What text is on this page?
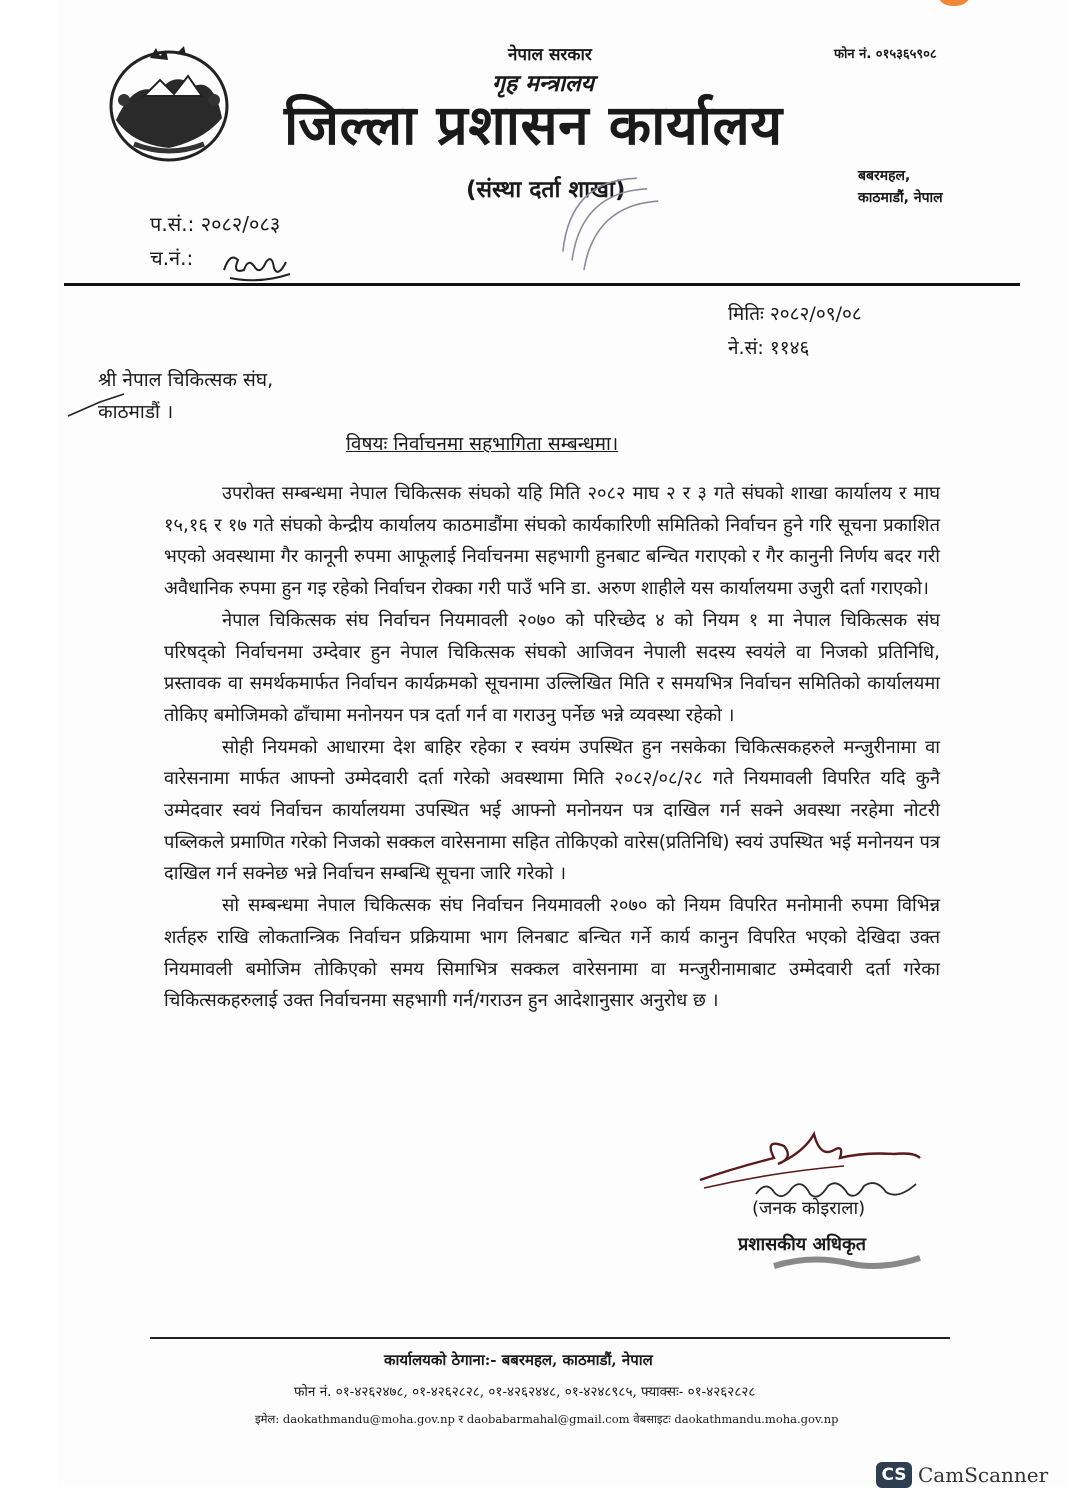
नेपाल सरकार	फोन नं. ०१५३६५९०८
गृह मन्त्रालय
जिल्ला प्रशासन कार्यालय
(संस्था दर्ता शाखा)
बबरमहल,
काठमाडौं, नेपाल
प.सं.: २०८२/०८३
च.नं.:
मितिः २०८२/०९/०८
ने.सं: ११४६
श्री नेपाल चिकित्सक संघ,
काठमाडौं ।
विषयः निर्वाचनमा सहभागिता सम्बन्धमा।

उपरोक्त सम्बन्धमा नेपाल चिकित्सक संघको यहि मिति २०८२ माघ २ र ३ गते संघको शाखा कार्यालय र माघ १५,१६ र १७ गते संघको केन्द्रीय कार्यालय काठमाडौंमा संघको कार्यकारिणी समितिको निर्वाचन हुने गरि सूचना प्रकाशित भएको अवस्थामा गैर कानूनी रुपमा आफूलाई निर्वाचनमा सहभागी हुनबाट बन्चित गराएको र गैर कानुनी निर्णय बदर गरी अवैधानिक रुपमा हुन गइ रहेको निर्वाचन रोक्का गरी पाउँ भनि डा. अरुण शाहीले यस कार्यालयमा उजुरी दर्ता गराएको।

नेपाल चिकित्सक संघ निर्वाचन नियमावली २०७० को परिच्छेद ४ को नियम १ मा नेपाल चिकित्सक संघ परिषद्को निर्वाचनमा उम्देवार हुन नेपाल चिकित्सक संघको आजिवन नेपाली सदस्य स्वयंले वा निजको प्रतिनिधि, प्रस्तावक वा समर्थकमार्फत निर्वाचन कार्यक्रमको सूचनामा उल्लिखित मिति र समयभित्र निर्वाचन समितिको कार्यालयमा तोकिए बमोजिमको ढाँचामा मनोनयन पत्र दर्ता गर्न वा गराउनु पर्नेछ भन्ने व्यवस्था रहेको ।

सोही नियमको आधारमा देश बाहिर रहेका र स्वयंम उपस्थित हुन नसकेका चिकित्सकहरुले मन्जुरीनामा वा वारेसनामा मार्फत आफ्नो उम्मेदवारी दर्ता गरेको अवस्थामा मिति २०८२/०८/२८ गते नियमावली विपरित यदि कुनै उम्मेदवार स्वयं निर्वाचन कार्यालयमा उपस्थित भई आफ्नो मनोनयन पत्र दाखिल गर्न सक्ने अवस्था नरहेमा नोटरी पब्लिकले प्रमाणित गरेको निजको सक्कल वारेसनामा सहित तोकिएको वारेस(प्रतिनिधि) स्वयं उपस्थित भई मनोनयन पत्र दाखिल गर्न सक्नेछ भन्ने निर्वाचन सम्बन्धि सूचना जारि गरेको ।

सो सम्बन्धमा नेपाल चिकित्सक संघ निर्वाचन नियमावली २०७० को नियम विपरित मनोमानी रुपमा विभिन्न शर्तहरु राखि लोकतान्त्रिक निर्वाचन प्रक्रियामा भाग लिनबाट बन्चित गर्ने कार्य कानुन विपरित भएको देखिदा उक्त नियमावली बमोजिम तोकिएको समय सिमाभित्र सक्कल वारेसनामा वा मन्जुरीनामाबाट उम्मेदवारी दर्ता गरेका चिकित्सकहरुलाई उक्त निर्वाचनमा सहभागी गर्न/गराउन हुन आदेशानुसार अनुरोध छ ।

(जनक कोइराला)
प्रशासकीय अधिकृत
कार्यालयको ठेगाना:- बबरमहल, काठमाडौं, नेपाल
फोन नं. ०१-४२६२४७८, ०१-४२६२८२८, ०१-४२६२४४८, ०१-४२४८९८५, फ्याक्सः- ०१-४२६२८२८
इमेल: daokathmandu@moha.gov.np र daobabarmahal@gmail.com वेबसाइटः daokathmandu.moha.gov.np
CS CamScanner
